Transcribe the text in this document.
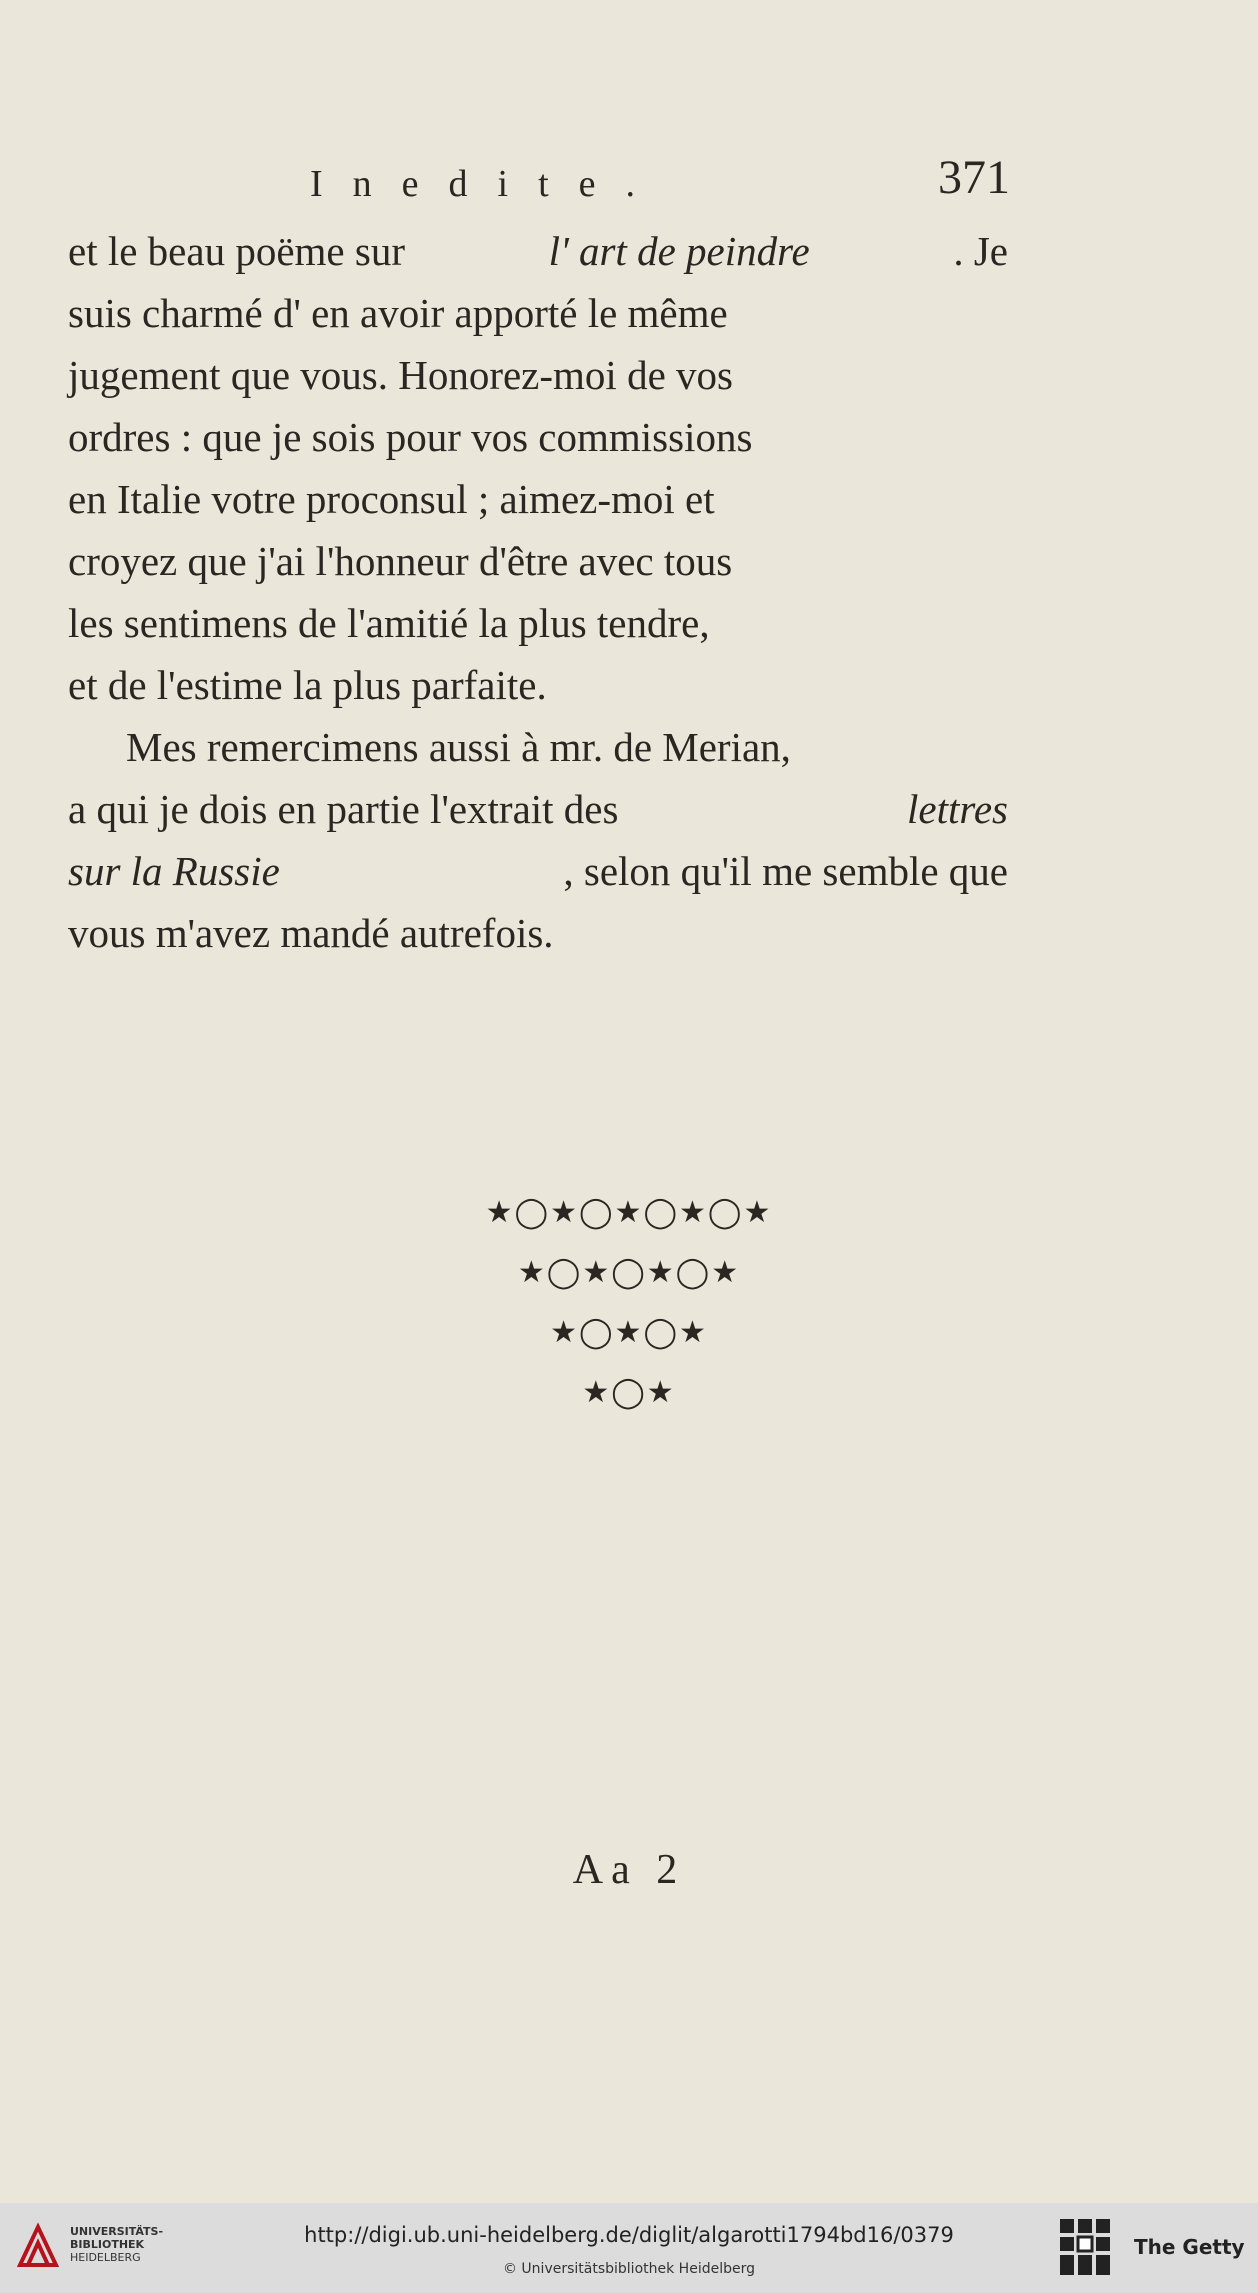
Inedite.	371
et le beau poëme sur	l' art de peindre	. Je
suis charmé d' en avoir apporté le même
jugement que vous. Honorez-moi de vos
ordres : que je sois pour vos commissions
en Italie votre proconsul ; aimez-moi et
croyez que j'ai l'honneur d'être avec tous
les sentimens de l'amitié la plus tendre,
et de l'estime la plus parfaite.
Mes remercimens aussi à mr. de Merian,
a qui je dois en partie l'extrait des	lettres
sur la Russie	, selon qu'il me semble que
vous m'avez mandé autrefois.
★◯★◯★◯★◯★
★◯★◯★◯★
★◯★◯★
★◯★
Aa 2
UNIVERSITÄTS-
BIBLIOTHEK
HEIDELBERG
http://digi.ub.uni-heidelberg.de/diglit/algarotti1794bd16/0379
© Universitätsbibliothek Heidelberg
The Getty
